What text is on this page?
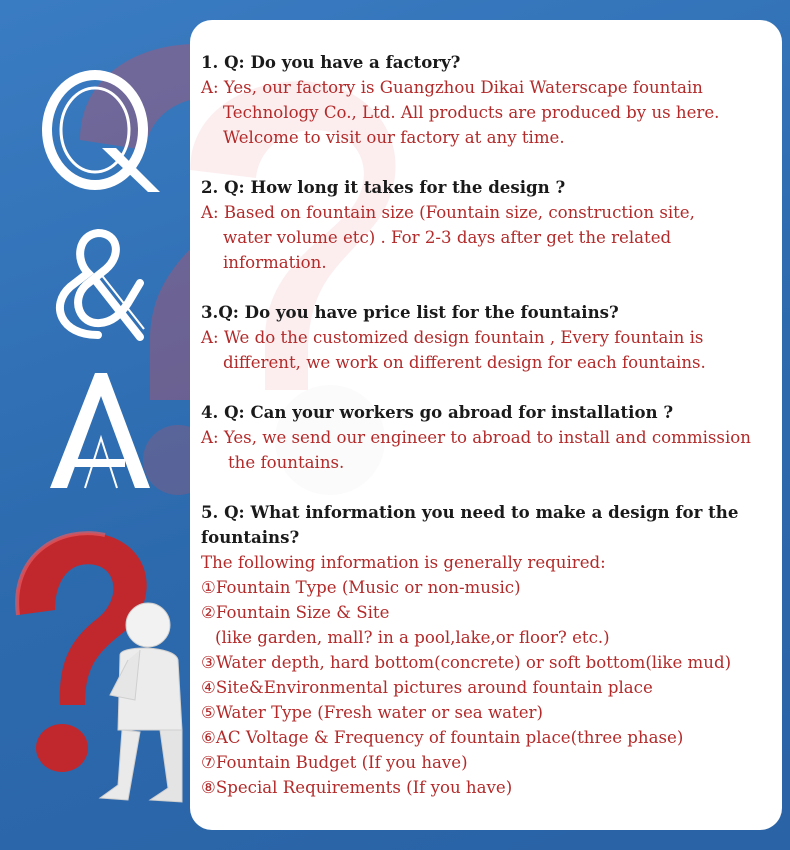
1. Q: Do you have a factory?
A: Yes, our factory is Guangzhou Dikai Waterscape fountain
Technology Co., Ltd. All products are produced by us here.
Welcome to visit our factory at any time.
2. Q: How long it takes for the design ?
A: Based on fountain size (Fountain size, construction site,
water volume etc) . For 2-3 days after get the related
information.
3.Q: Do you have price list for the fountains?
A: We do the customized design fountain , Every fountain is
different, we work on different design for each fountains.
4. Q: Can your workers go abroad for installation ?
A: Yes, we send our engineer to abroad to install and commission
the fountains.
5. Q: What information you need to make a design for the
fountains?
The following information is generally required:
①Fountain Type (Music or non-music)
②Fountain Size & Site
(like garden, mall? in a pool,lake,or floor? etc.)
③Water depth, hard bottom(concrete) or soft bottom(like mud)
④Site&Environmental pictures around fountain place
⑤Water Type (Fresh water or sea water)
⑥AC Voltage & Frequency of fountain place(three phase)
⑦Fountain Budget (If you have)
⑧Special Requirements (If you have)
